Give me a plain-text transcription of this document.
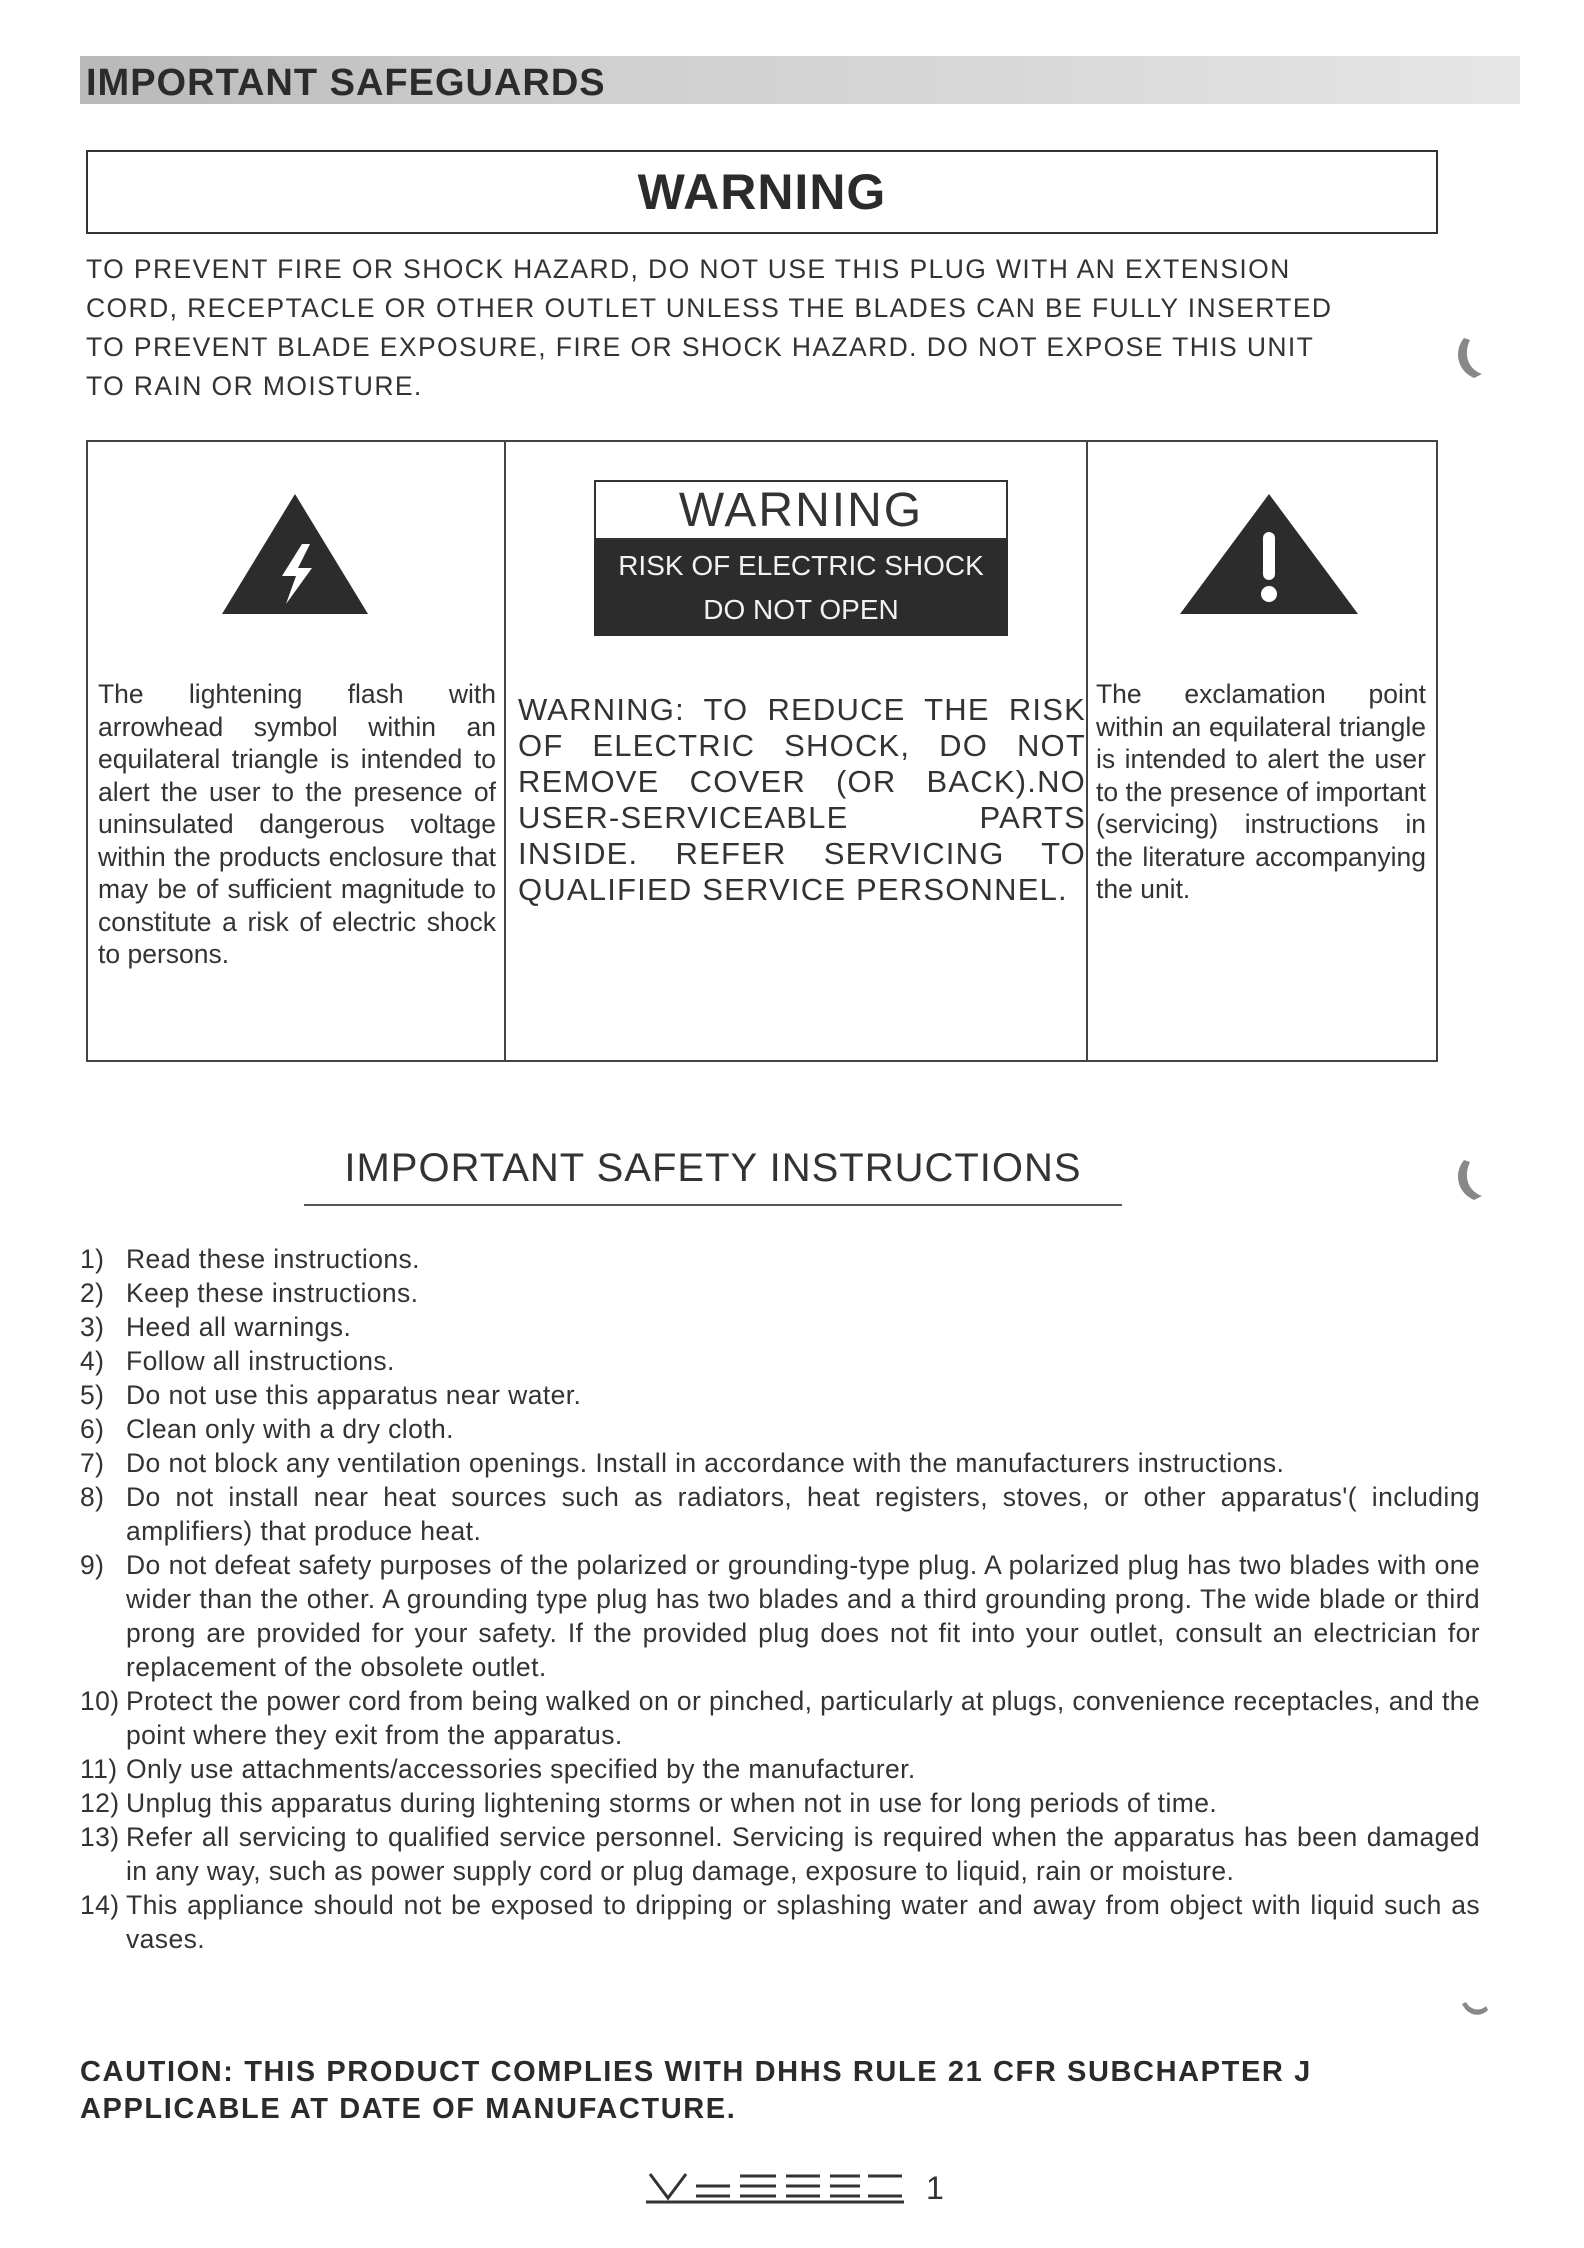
IMPORTANT SAFEGUARDS
WARNING
TO PREVENT FIRE OR SHOCK HAZARD, DO NOT USE THIS PLUG WITH AN EXTENSION
CORD, RECEPTACLE OR OTHER OUTLET UNLESS THE BLADES CAN BE FULLY INSERTED
TO PREVENT BLADE EXPOSURE, FIRE OR SHOCK HAZARD. DO NOT EXPOSE THIS UNIT
TO RAIN OR MOISTURE.
The lightening flash with arrowhead symbol within an equilateral triangle is intended to alert the user to the presence of uninsulated dangerous voltage within the products enclosure that may be of sufficient magnitude to constitute a risk of electric shock to persons.
WARNING
RISK OF ELECTRIC SHOCK
DO NOT OPEN
WARNING: TO REDUCE THE RISK OF ELECTRIC SHOCK, DO NOT REMOVE COVER (OR BACK).NO USER-SERVICEABLE PARTS INSIDE. REFER SERVICING TO QUALIFIED SERVICE PERSONNEL.
The exclamation point within an equilateral triangle is intended to alert the user to the presence of important (servicing) instructions in the literature accompanying the unit.
IMPORTANT SAFETY INSTRUCTIONS
1) Read these instructions.
2) Keep these instructions.
3) Heed all warnings.
4) Follow all instructions.
5) Do not use this apparatus near water.
6) Clean only with a dry cloth.
7) Do not block any ventilation openings. Install in accordance with the manufacturers instructions.
8) Do not install near heat sources such as radiators, heat registers, stoves, or other apparatus'( including amplifiers) that produce heat.
9) Do not defeat safety purposes of the polarized or grounding-type plug. A polarized plug has two blades with one wider than the other. A grounding type plug has two blades and a third grounding prong. The wide blade or third prong are provided for your safety. If the provided plug does not fit into your outlet, consult an electrician for replacement of the obsolete outlet.
10) Protect the power cord from being walked on or pinched, particularly at plugs, convenience receptacles, and the point where they exit from the apparatus.
11) Only use attachments/accessories specified by the manufacturer.
12) Unplug this apparatus during lightening storms or when not in use for long periods of time.
13) Refer all servicing to qualified service personnel. Servicing is required when the apparatus has been damaged in any way, such as power supply cord or plug damage, exposure to liquid, rain or moisture.
14) This appliance should not be exposed to dripping or splashing water and away from object with liquid such as vases.
CAUTION: THIS PRODUCT COMPLIES WITH DHHS RULE 21 CFR SUBCHAPTER J
APPLICABLE AT DATE OF MANUFACTURE.
1
